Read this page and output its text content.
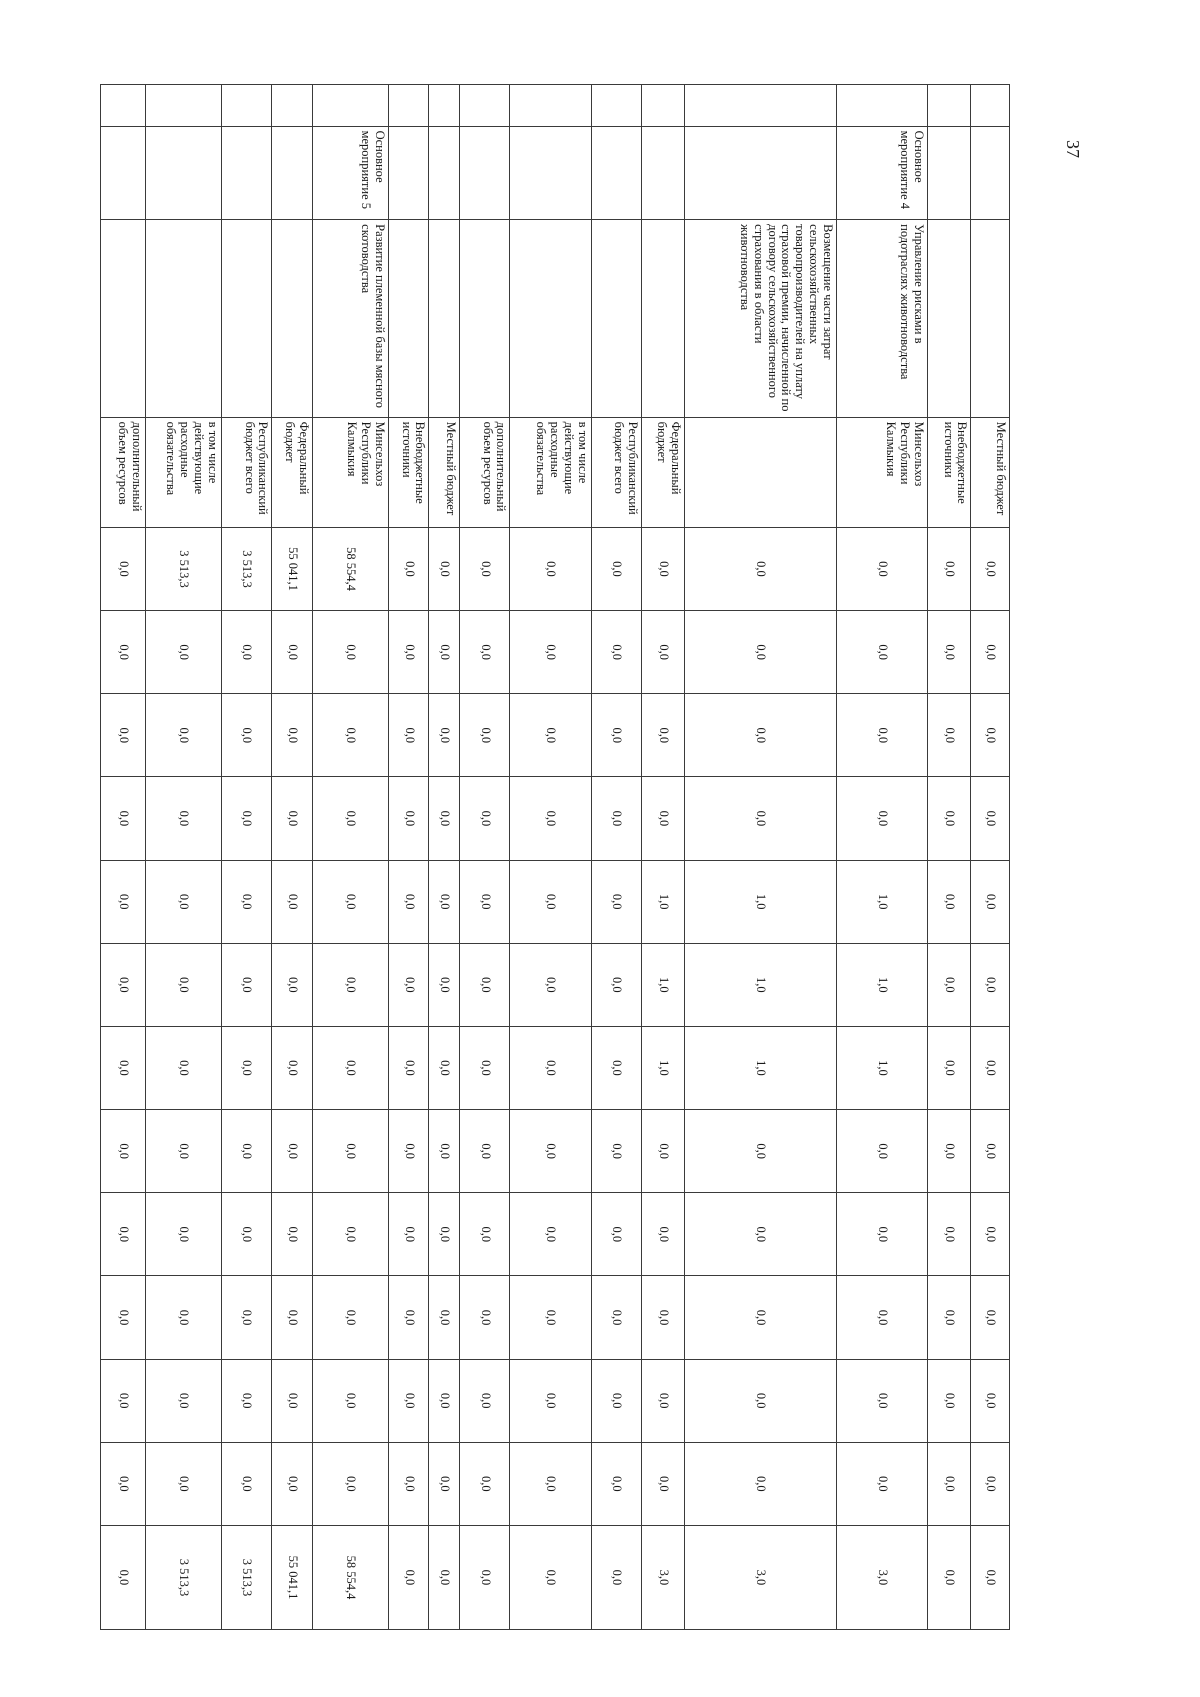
			Местный бюджет	0,0	0,0	0,0	0,0	0,0	0,0	0,0	0,0	0,0	0,0	0,0	0,0	0,0
			Внебюджетные источники	0,0	0,0	0,0	0,0	0,0	0,0	0,0	0,0	0,0	0,0	0,0	0,0	0,0
	Основное мероприятие 4	Управление рисками в подотраслях животноводства	Минсельхоз Республики Калмыкия	0,0	0,0	0,0	0,0	1,0	1,0	1,0	0,0	0,0	0,0	0,0	0,0	3,0
		Возмещение части затрат сельскохозяйственных товаропроизводителей на уплату страховой премии, начисленной по договору сельскохозяйственного страхования в области животноводства		0,0	0,0	0,0	0,0	1,0	1,0	1,0	0,0	0,0	0,0	0,0	0,0	3,0
			Федеральный бюджет	0,0	0,0	0,0	0,0	1,0	1,0	1,0	0,0	0,0	0,0	0,0	0,0	3,0
			Республиканский бюджет всего	0,0	0,0	0,0	0,0	0,0	0,0	0,0	0,0	0,0	0,0	0,0	0,0	0,0
			в том числе действующие расходные обязательства	0,0	0,0	0,0	0,0	0,0	0,0	0,0	0,0	0,0	0,0	0,0	0,0	0,0
			дополнительный объем ресурсов	0,0	0,0	0,0	0,0	0,0	0,0	0,0	0,0	0,0	0,0	0,0	0,0	0,0
			Местный бюджет	0,0	0,0	0,0	0,0	0,0	0,0	0,0	0,0	0,0	0,0	0,0	0,0	0,0
			Внебюджетные источники	0,0	0,0	0,0	0,0	0,0	0,0	0,0	0,0	0,0	0,0	0,0	0,0	0,0
	Основное мероприятие 5	Развитие племенной базы мясного скотоводства	Минсельхоз Республики Калмыкия	58 554,4	0,0	0,0	0,0	0,0	0,0	0,0	0,0	0,0	0,0	0,0	0,0	58 554,4
			Федеральный бюджет	55 041,1	0,0	0,0	0,0	0,0	0,0	0,0	0,0	0,0	0,0	0,0	0,0	55 041,1
			Республиканский бюджет всего	3 513,3	0,0	0,0	0,0	0,0	0,0	0,0	0,0	0,0	0,0	0,0	0,0	3 513,3
			в том числе действующие расходные обязательства	3 513,3	0,0	0,0	0,0	0,0	0,0	0,0	0,0	0,0	0,0	0,0	0,0	3 513,3
			дополнительный объем ресурсов	0,0	0,0	0,0	0,0	0,0	0,0	0,0	0,0	0,0	0,0	0,0	0,0	0,0
37
